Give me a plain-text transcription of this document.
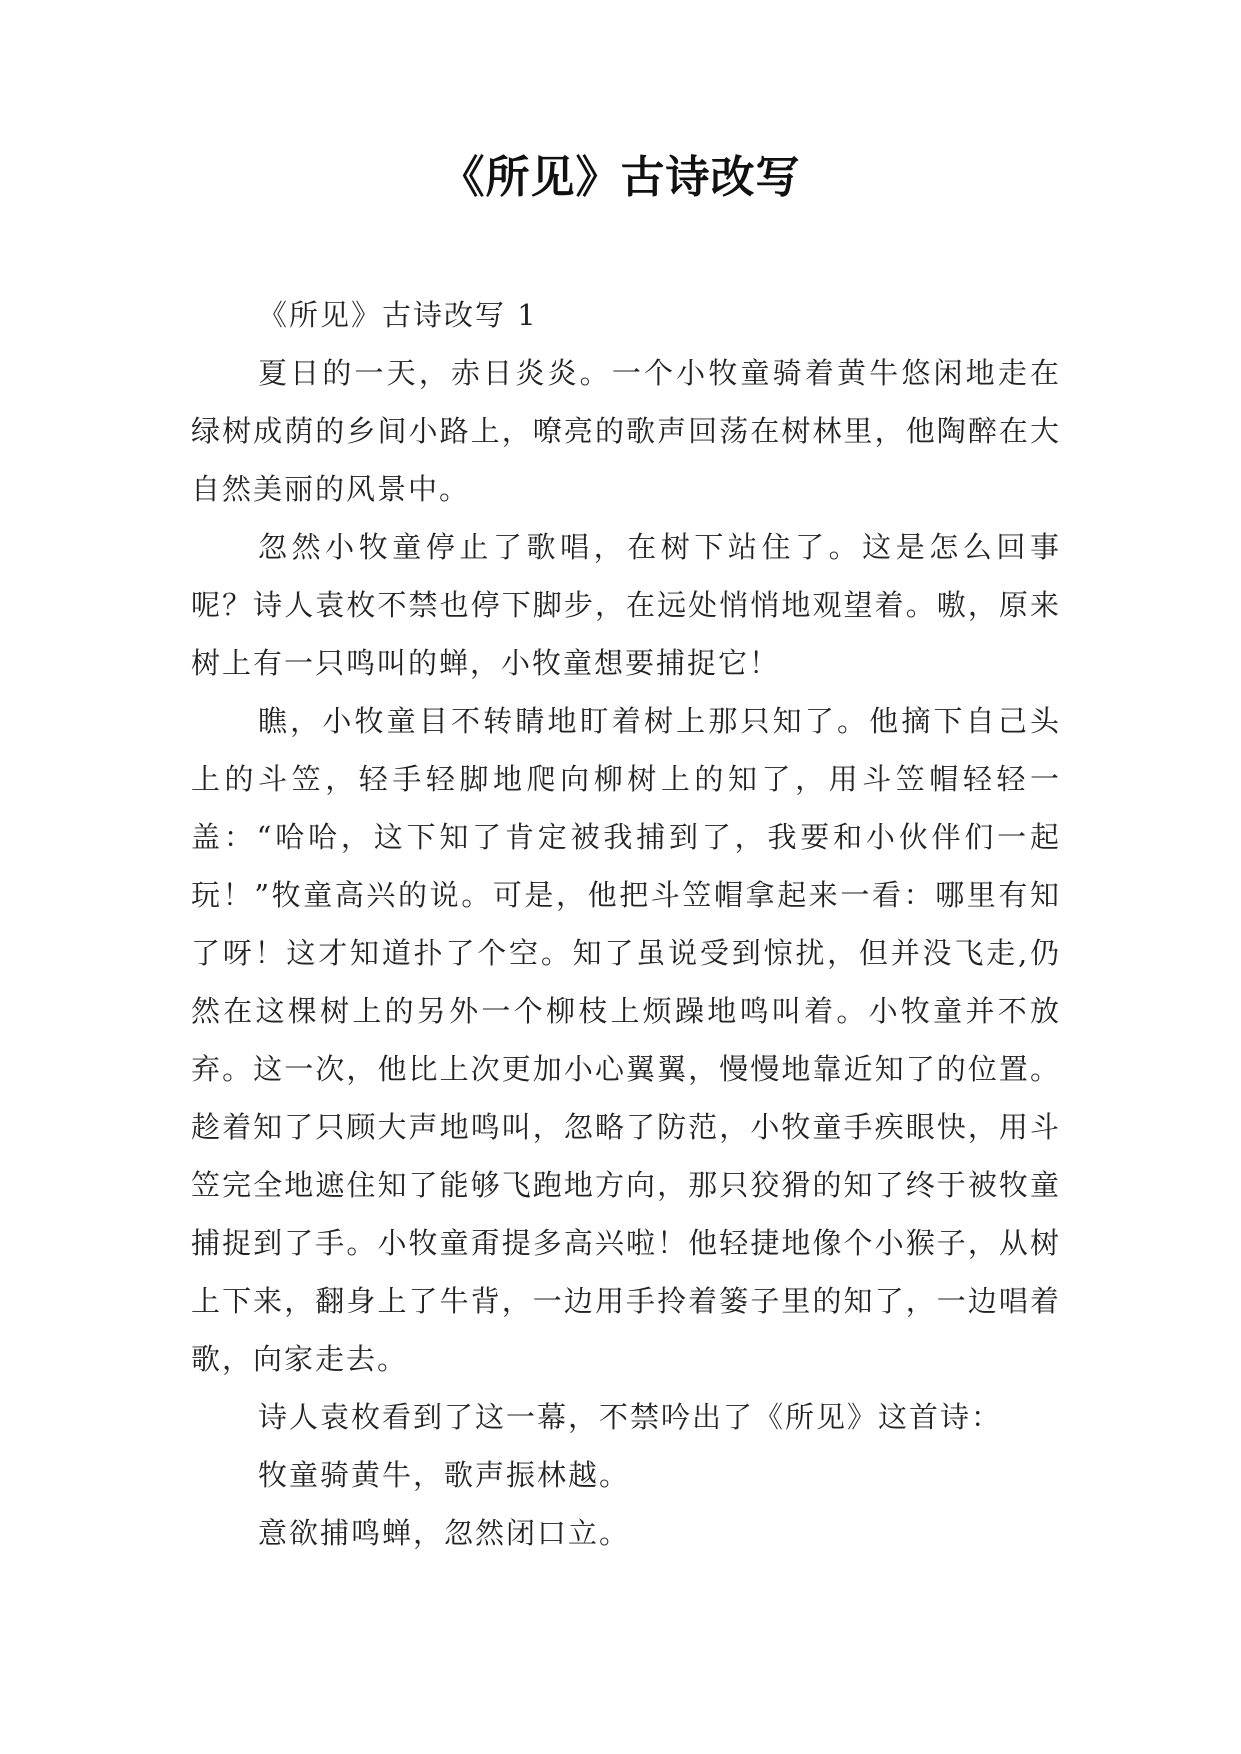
《所见》古诗改写

《所见》古诗改写 1

夏日的一天，赤日炎炎。一个小牧童骑着黄牛悠闲地走在绿树成荫的乡间小路上，嘹亮的歌声回荡在树林里，他陶醉在大自然美丽的风景中。

忽然小牧童停止了歌唱，在树下站住了。这是怎么回事呢？诗人袁枚不禁也停下脚步，在远处悄悄地观望着。嗷，原来树上有一只鸣叫的蝉，小牧童想要捕捉它！

瞧，小牧童目不转睛地盯着树上那只知了。他摘下自己头上的斗笠，轻手轻脚地爬向柳树上的知了，用斗笠帽轻轻一盖：“哈哈，这下知了肯定被我捕到了，我要和小伙伴们一起玩！”牧童高兴的说。可是，他把斗笠帽拿起来一看：哪里有知了呀！这才知道扑了个空。知了虽说受到惊扰，但并没飞走,仍然在这棵树上的另外一个柳枝上烦躁地鸣叫着。小牧童并不放弃。这一次，他比上次更加小心翼翼，慢慢地靠近知了的位置。趁着知了只顾大声地鸣叫，忽略了防范，小牧童手疾眼快，用斗笠完全地遮住知了能够飞跑地方向，那只狡猾的知了终于被牧童捕捉到了手。小牧童甭提多高兴啦！他轻捷地像个小猴子，从树上下来，翻身上了牛背，一边用手拎着篓子里的知了，一边唱着歌，向家走去。

诗人袁枚看到了这一幕，不禁吟出了《所见》这首诗：

牧童骑黄牛，歌声振林越。

意欲捕鸣蝉，忽然闭口立。
